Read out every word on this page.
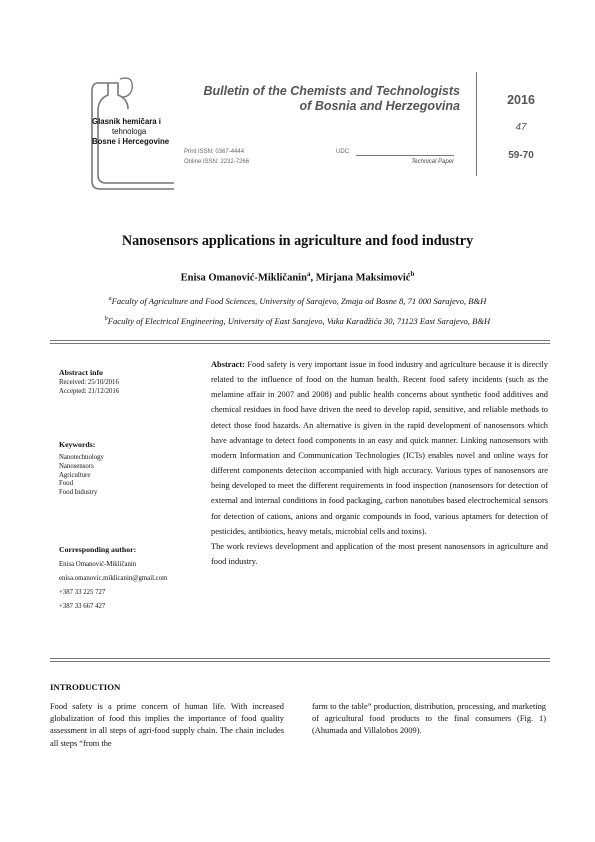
Glasnik hemičara i
tehnologa
Bosne i Hercegovine
Bulletin of the Chemists and Technologists
of Bosnia and Herzegovina
Print ISSN: 0367-4444
Online ISSN: 2232-7266
UDC:
Technical Paper
2016
47
59-70
Nanosensors applications in agriculture and food industry
Enisa Omanović-Mikličanin$^a$, Mirjana Maksimović$^b$
$^a$Faculty of Agriculture and Food Sciences, University of Sarajevo, Zmaja od Bosne 8, 71 000 Sarajevo, B&H
$^b$Faculty of Electrical Engineering, University of East Sarajevo, Vuka Karadžića 30, 71123 East Sarajevo, B&H
Abstract info
Received: 25/10/2016
Accepted: 21/12/2016
Keywords:
Nanotechnology
Nanosensors
Agriculture
Food
Food Industry
Corresponding author:
Enisa Omanović-Mikličanin
enisa.omanovic.miklicanin@gmail.com
+387 33 225 727
+387 33 667 427

Abstract: Food safety is very important issue in food industry and agriculture because it is directly related to the influence of food on the human health. Recent food safety incidents (such as the melamine affair in 2007 and 2008) and public health concerns about synthetic food additives and chemical residues in food have driven the need to develop rapid, sensitive, and reliable methods to detect those food hazards. An alternative is given in the rapid development of nanosensors which have advantage to detect food components in an easy and quick manner. Linking nanosensors with modern Information and Communication Technologies (ICTs) enables novel and online ways for different components detection accompanied with high accuracy. Various types of nanosensors are being developed to meet the different requirements in food inspection (nanosensors for detection of external and internal conditions in food packaging, carbon nanotubes based electrochemical sensors for detection of cations, anions and organic compounds in food, various aptamers for detection of pesticides, antibiotics, heavy metals, microbial cells and toxins).

The work reviews development and application of the most present nanosensors in agriculture and food industry.

INTRODUCTION
Food safety is a prime concern of human life. With increased globalization of food this implies the importance of food quality assessment in all steps of agri-food supply chain. The chain includes all steps “from the
farm to the table” production, distribution, processing, and marketing of agricultural food products to the final consumers (Fig. 1) (Ahumada and Villalobos 2009).
